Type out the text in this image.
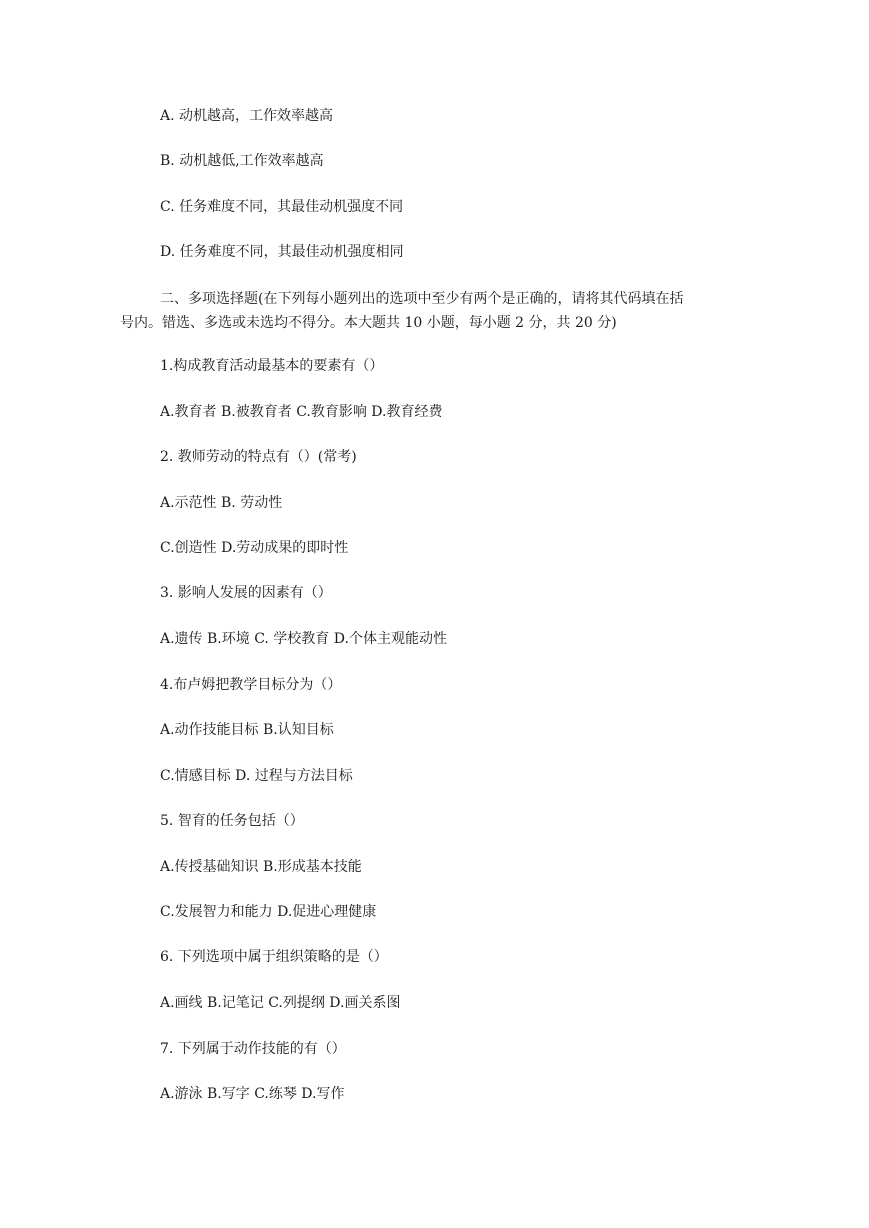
A. 动机越高，工作效率越高
B. 动机越低,工作效率越高
C. 任务难度不同，其最佳动机强度不同
D. 任务难度不同，其最佳动机强度相同
二、多项选择题(在下列每小题列出的选项中至少有两个是正确的，请将其代码填在括
号内。错选、多选或未选均不得分。本大题共 10 小题，每小题 2 分，共 20 分)
1.构成教育活动最基本的要素有（）
A.教育者 B.被教育者 C.教育影响 D.教育经费
2. 教师劳动的特点有（）(常考)
A.示范性 B. 劳动性
C.创造性 D.劳动成果的即时性
3. 影响人发展的因素有（）
A.遗传 B.环境 C. 学校教育 D.个体主观能动性
4.布卢姆把教学目标分为（）
A.动作技能目标 B.认知目标
C.情感目标 D. 过程与方法目标
5. 智育的任务包括（）
A.传授基础知识 B.形成基本技能
C.发展智力和能力 D.促进心理健康
6. 下列选项中属于组织策略的是（）
A.画线 B.记笔记 C.列提纲 D.画关系图
7. 下列属于动作技能的有（）
A.游泳 B.写字 C.练琴 D.写作
